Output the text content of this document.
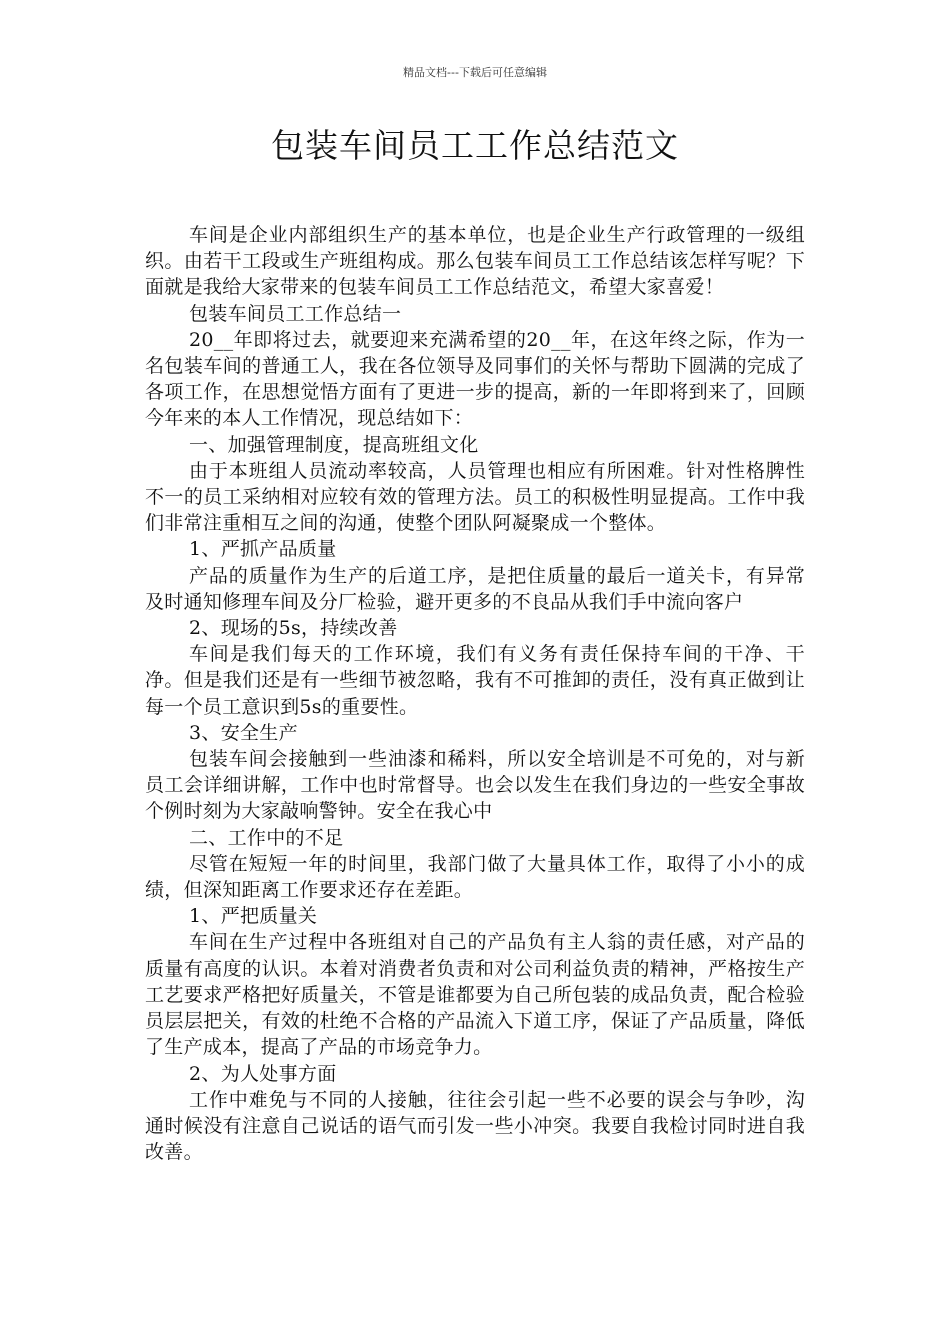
精品文档---下载后可任意编辑
包装车间员工工作总结范文

车间是企业内部组织生产的基本单位，也是企业生产行政管理的一级组织。由若干工段或生产班组构成。那么包装车间员工工作总结该怎样写呢？下面就是我给大家带来的包装车间员工工作总结范文，希望大家喜爱！

包装车间员工工作总结一

20__年即将过去，就要迎来充满希望的20__年，在这年终之际，作为一名包装车间的普通工人，我在各位领导及同事们的关怀与帮助下圆满的完成了各项工作，在思想觉悟方面有了更进一步的提高，新的一年即将到来了，回顾今年来的本人工作情况，现总结如下：

一、加强管理制度，提高班组文化

由于本班组人员流动率较高，人员管理也相应有所困难。针对性格脾性不一的员工采纳相对应较有效的管理方法。员工的积极性明显提高。工作中我们非常注重相互之间的沟通，使整个团队阿凝聚成一个整体。

1、严抓产品质量

产品的质量作为生产的后道工序，是把住质量的最后一道关卡，有异常及时通知修理车间及分厂检验，避开更多的不良品从我们手中流向客户

2、现场的5s，持续改善

车间是我们每天的工作环境，我们有义务有责任保持车间的干净、干净。但是我们还是有一些细节被忽略，我有不可推卸的责任，没有真正做到让每一个员工意识到5s的重要性。

3、安全生产

包装车间会接触到一些油漆和稀料，所以安全培训是不可免的，对与新员工会详细讲解，工作中也时常督导。也会以发生在我们身边的一些安全事故个例时刻为大家敲响警钟。安全在我心中

二、工作中的不足

尽管在短短一年的时间里，我部门做了大量具体工作，取得了小小的成绩，但深知距离工作要求还存在差距。

1、严把质量关

车间在生产过程中各班组对自己的产品负有主人翁的责任感，对产品的质量有高度的认识。本着对消费者负责和对公司利益负责的精神，严格按生产工艺要求严格把好质量关，不管是谁都要为自己所包装的成品负责，配合检验员层层把关，有效的杜绝不合格的产品流入下道工序，保证了产品质量，降低了生产成本，提高了产品的市场竞争力。

2、为人处事方面

工作中难免与不同的人接触，往往会引起一些不必要的误会与争吵，沟通时候没有注意自己说话的语气而引发一些小冲突。我要自我检讨同时进自我改善。
